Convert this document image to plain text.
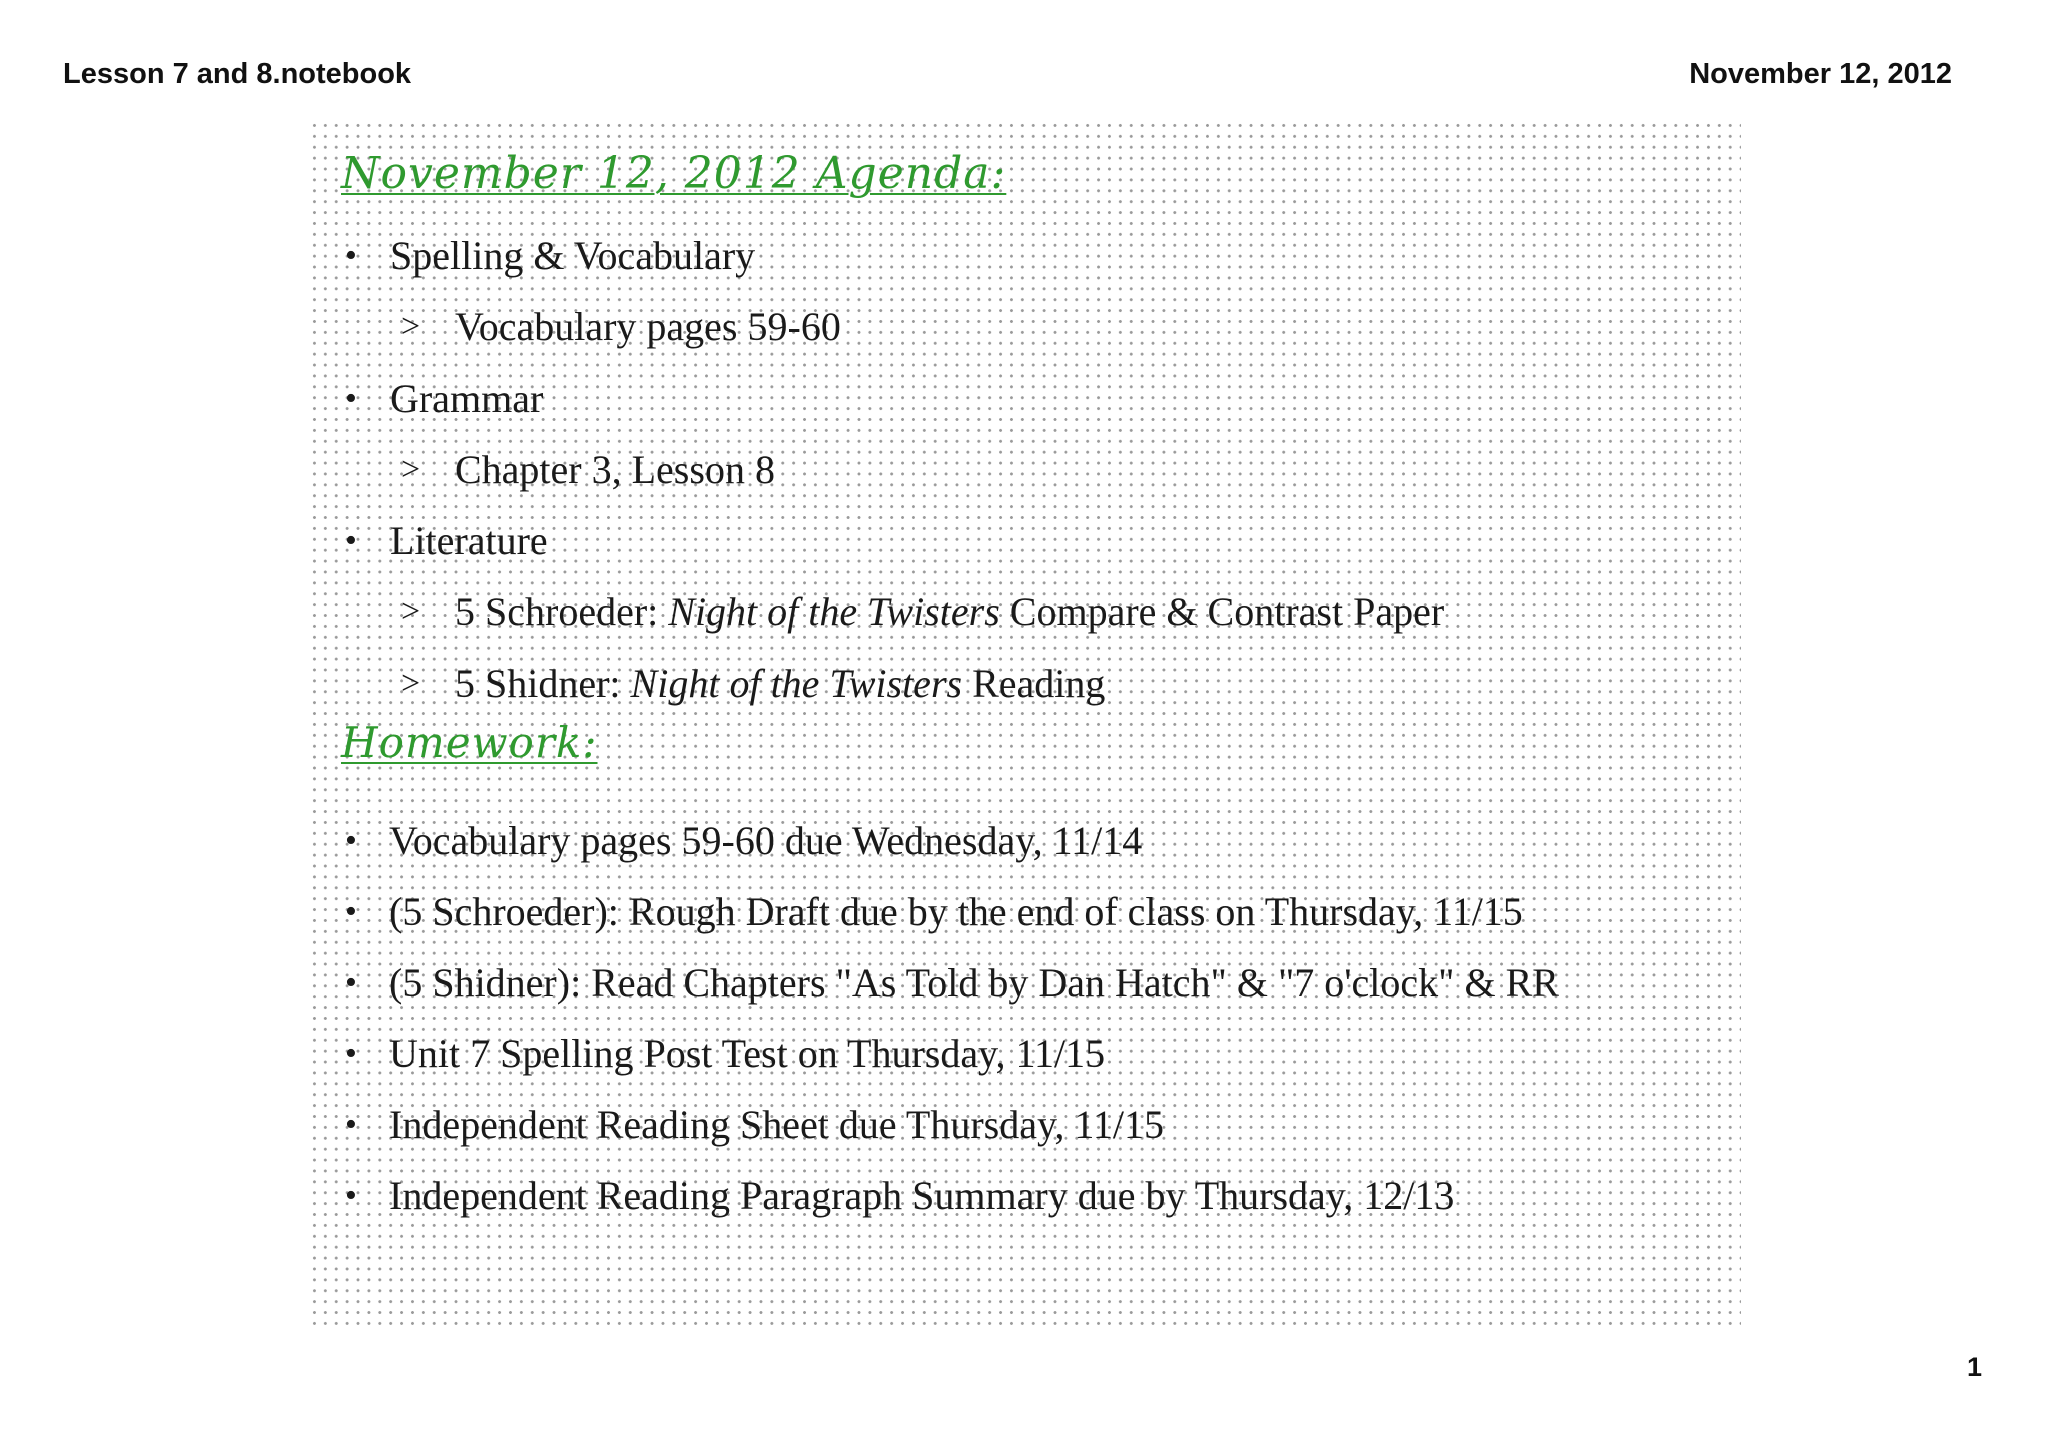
Lesson 7 and 8.notebook	November 12, 2012
November 12, 2012 Agenda:
• Spelling & Vocabulary
> Vocabulary pages 59-60
• Grammar
> Chapter 3, Lesson 8
• Literature
> 5 Schroeder: Night of the Twisters Compare & Contrast Paper
> 5 Shidner: Night of the Twisters Reading
Homework:
• Vocabulary pages 59-60 due Wednesday, 11/14
• (5 Schroeder): Rough Draft due by the end of class on Thursday, 11/15
• (5 Shidner): Read Chapters "As Told by Dan Hatch" & "7 o'clock" & RR
• Unit 7 Spelling Post Test on Thursday, 11/15
• Independent Reading Sheet due Thursday, 11/15
• Independent Reading Paragraph Summary due by Thursday, 12/13
1
